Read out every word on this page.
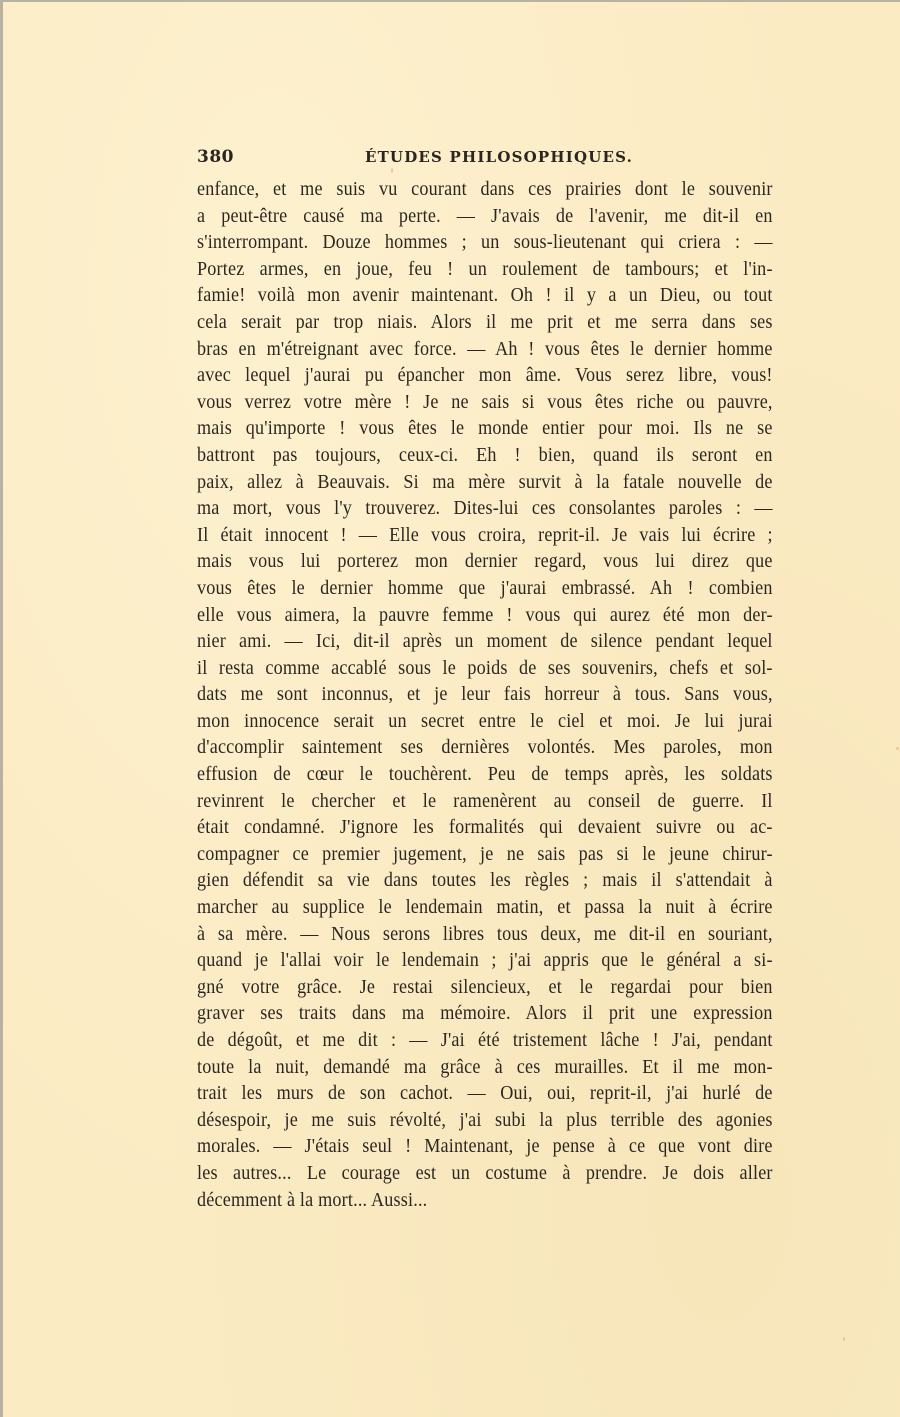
380	ÉTUDES PHILOSOPHIQUES.
enfance, et me suis vu courant dans ces prairies dont le souvenir
a peut-être causé ma perte. — J'avais de l'avenir, me dit-il en
s'interrompant. Douze hommes ; un sous-lieutenant qui criera : —
Portez armes, en joue, feu ! un roulement de tambours; et l'in-
famie! voilà mon avenir maintenant. Oh ! il y a un Dieu, ou tout
cela serait par trop niais. Alors il me prit et me serra dans ses
bras en m'étreignant avec force. — Ah ! vous êtes le dernier homme
avec lequel j'aurai pu épancher mon âme. Vous serez libre, vous!
vous verrez votre mère ! Je ne sais si vous êtes riche ou pauvre,
mais qu'importe ! vous êtes le monde entier pour moi. Ils ne se
battront pas toujours, ceux-ci. Eh ! bien, quand ils seront en
paix, allez à Beauvais. Si ma mère survit à la fatale nouvelle de
ma mort, vous l'y trouverez. Dites-lui ces consolantes paroles : —
Il était innocent ! — Elle vous croira, reprit-il. Je vais lui écrire ;
mais vous lui porterez mon dernier regard, vous lui direz que
vous êtes le dernier homme que j'aurai embrassé. Ah ! combien
elle vous aimera, la pauvre femme ! vous qui aurez été mon der-
nier ami. — Ici, dit-il après un moment de silence pendant lequel
il resta comme accablé sous le poids de ses souvenirs, chefs et sol-
dats me sont inconnus, et je leur fais horreur à tous. Sans vous,
mon innocence serait un secret entre le ciel et moi. Je lui jurai
d'accomplir saintement ses dernières volontés. Mes paroles, mon
effusion de cœur le touchèrent. Peu de temps après, les soldats
revinrent le chercher et le ramenèrent au conseil de guerre. Il
était condamné. J'ignore les formalités qui devaient suivre ou ac-
compagner ce premier jugement, je ne sais pas si le jeune chirur-
gien défendit sa vie dans toutes les règles ; mais il s'attendait à
marcher au supplice le lendemain matin, et passa la nuit à écrire
à sa mère. — Nous serons libres tous deux, me dit-il en souriant,
quand je l'allai voir le lendemain ; j'ai appris que le général a si-
gné votre grâce. Je restai silencieux, et le regardai pour bien
graver ses traits dans ma mémoire. Alors il prit une expression
de dégoût, et me dit : — J'ai été tristement lâche ! J'ai, pendant
toute la nuit, demandé ma grâce à ces murailles. Et il me mon-
trait les murs de son cachot. — Oui, oui, reprit-il, j'ai hurlé de
désespoir, je me suis révolté, j'ai subi la plus terrible des agonies
morales. — J'étais seul ! Maintenant, je pense à ce que vont dire
les autres... Le courage est un costume à prendre. Je dois aller
décemment à la mort... Aussi...
